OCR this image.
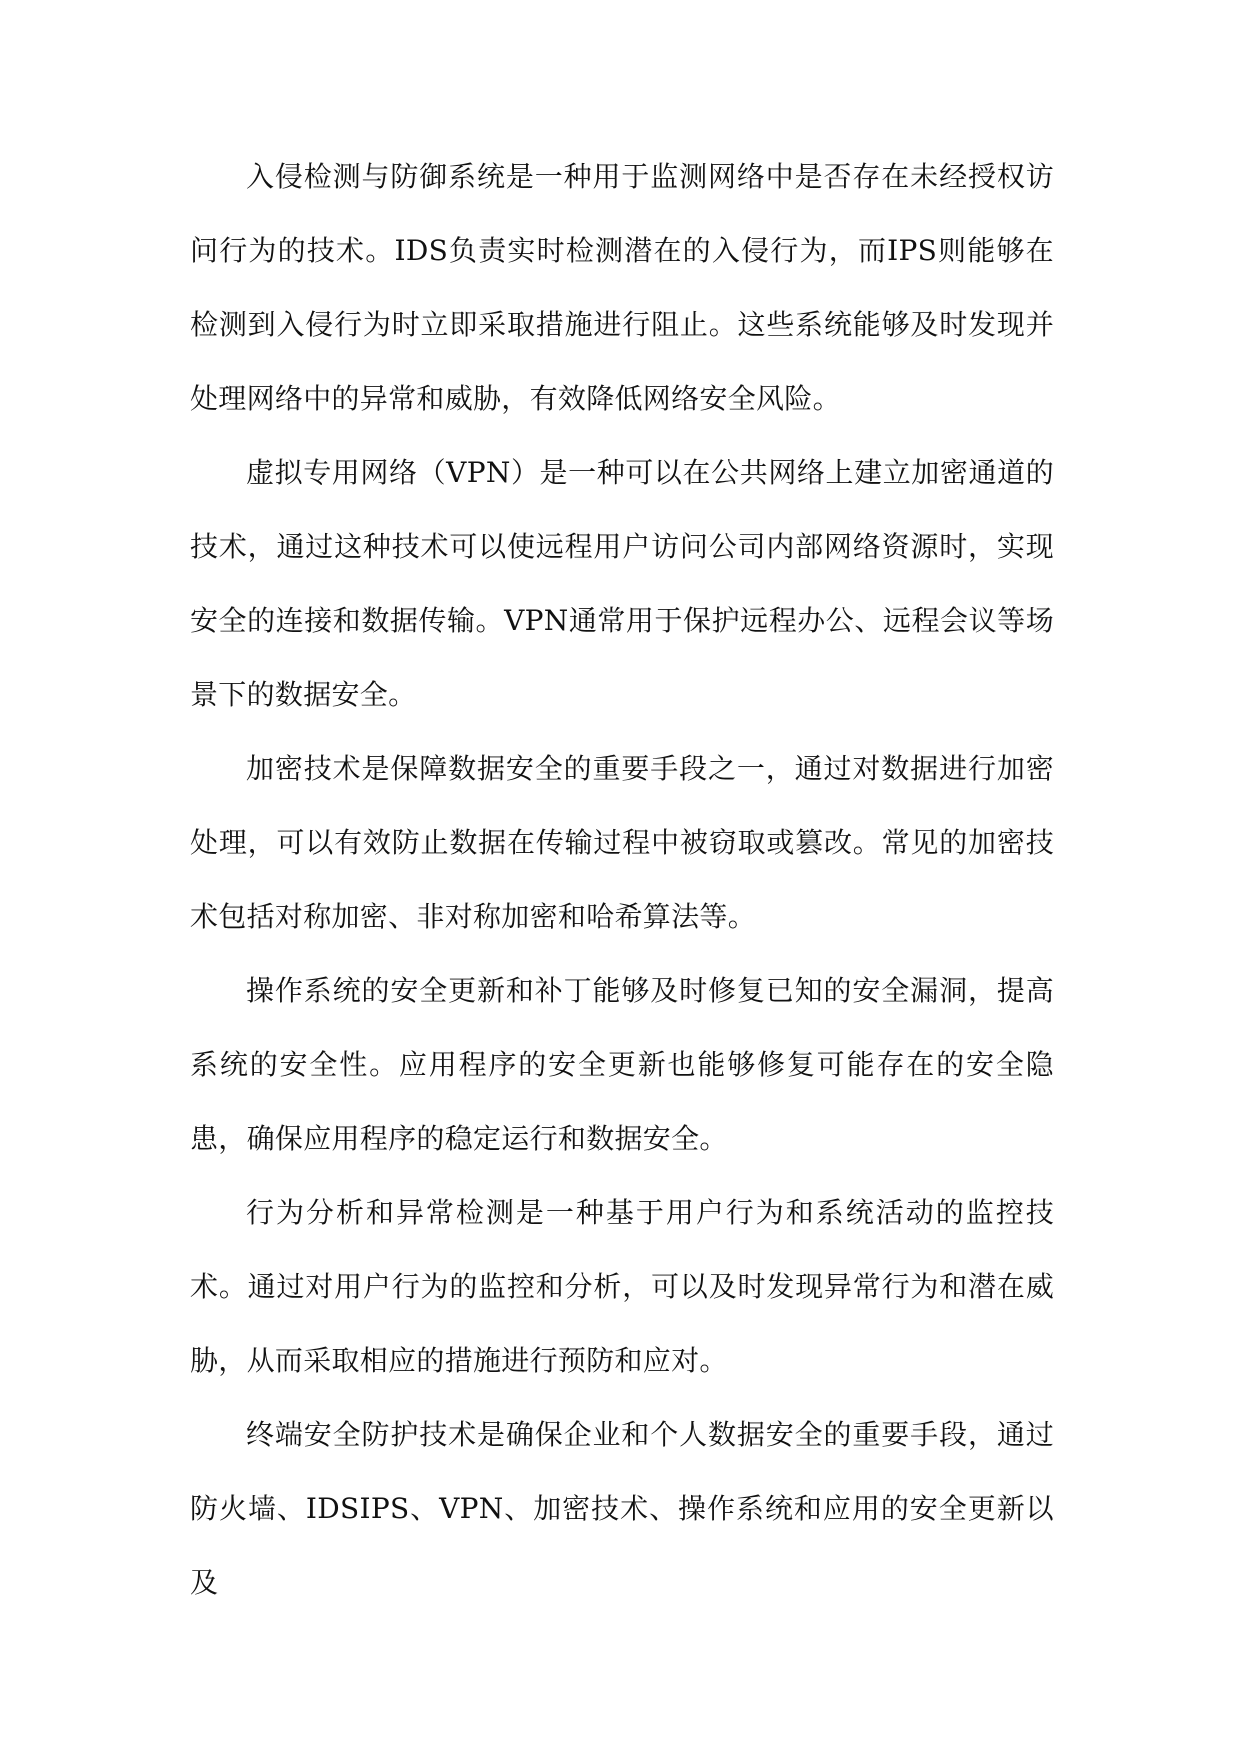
入侵检测与防御系统是一种用于监测网络中是否存在未经授权访问行为的技术。IDS负责实时检测潜在的入侵行为，而IPS则能够在检测到入侵行为时立即采取措施进行阻止。这些系统能够及时发现并处理网络中的异常和威胁，有效降低网络安全风险。

虚拟专用网络（VPN）是一种可以在公共网络上建立加密通道的技术，通过这种技术可以使远程用户访问公司内部网络资源时，实现安全的连接和数据传输。VPN通常用于保护远程办公、远程会议等场景下的数据安全。

加密技术是保障数据安全的重要手段之一，通过对数据进行加密处理，可以有效防止数据在传输过程中被窃取或篡改。常见的加密技术包括对称加密、非对称加密和哈希算法等。

操作系统的安全更新和补丁能够及时修复已知的安全漏洞，提高系统的安全性。应用程序的安全更新也能够修复可能存在的安全隐患，确保应用程序的稳定运行和数据安全。

行为分析和异常检测是一种基于用户行为和系统活动的监控技术。通过对用户行为的监控和分析，可以及时发现异常行为和潜在威胁，从而采取相应的措施进行预防和应对。

终端安全防护技术是确保企业和个人数据安全的重要手段，通过防火墙、IDSIPS、VPN、加密技术、操作系统和应用的安全更新以及
